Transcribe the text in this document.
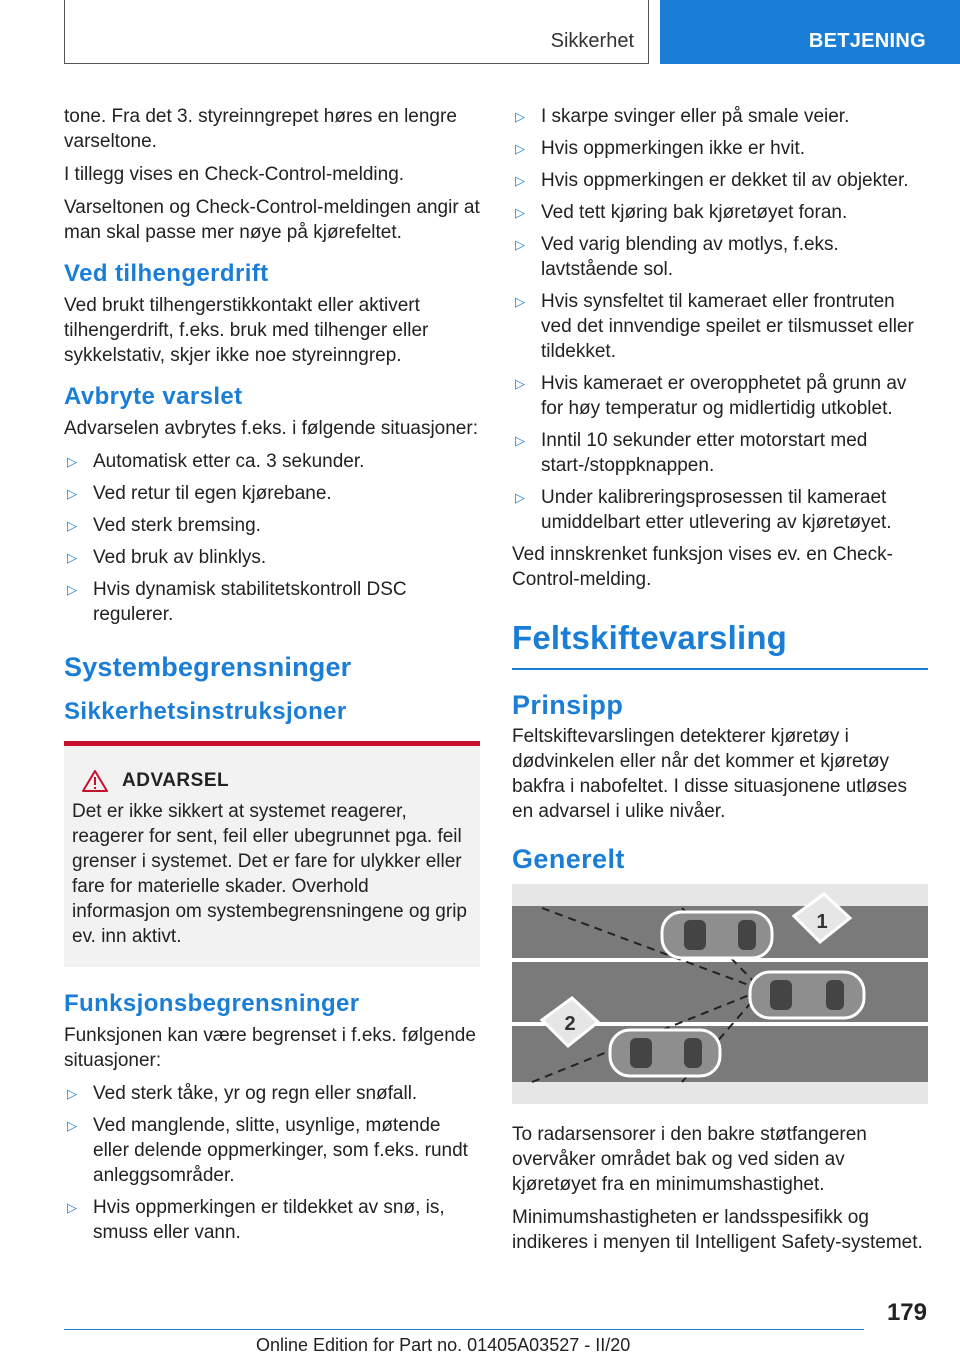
Sikkerhet	BETJENING

tone. Fra det 3. styreinngrepet høres en lengre varseltone.

I tillegg vises en Check-Control-melding.

Varseltonen og Check-Control-meldingen angir at man skal passe mer nøye på kjørefeltet.

Ved tilhengerdrift

Ved brukt tilhengerstikkontakt eller aktivert tilhengerdrift, f.eks. bruk med tilhenger eller sykkelstativ, skjer ikke noe styreinngrep.

Avbryte varslet

Advarselen avbrytes f.eks. i følgende situasjoner:

▷ Automatisk etter ca. 3 sekunder.
▷ Ved retur til egen kjørebane.
▷ Ved sterk bremsing.
▷ Ved bruk av blinklys.
▷ Hvis dynamisk stabilitetskontroll DSC regulerer.
Systembegrensninger
Sikkerhetsinstruksjoner
ADVARSEL
Det er ikke sikkert at systemet reagerer, reagerer for sent, feil eller ubegrunnet pga. feil grenser i systemet. Det er fare for ulykker eller fare for materielle skader. Overhold informasjon om systembegrensningene og grip ev. inn aktivt.
Funksjonsbegrensninger

Funksjonen kan være begrenset i f.eks. følgende situasjoner:

▷ Ved sterk tåke, yr og regn eller snøfall.
▷ Ved manglende, slitte, usynlige, møtende eller delende oppmerkinger, som f.eks. rundt anleggsområder.
▷ Hvis oppmerkingen er tildekket av snø, is, smuss eller vann.
▷ I skarpe svinger eller på smale veier.
▷ Hvis oppmerkingen ikke er hvit.
▷ Hvis oppmerkingen er dekket til av objekter.
▷ Ved tett kjøring bak kjøretøyet foran.
▷ Ved varig blending av motlys, f.eks. lavtstående sol.
▷ Hvis synsfeltet til kameraet eller frontruten ved det innvendige speilet er tilsmusset eller tildekket.
▷ Hvis kameraet er overopphetet på grunn av for høy temperatur og midlertidig utkoblet.
▷ Inntil 10 sekunder etter motorstart med start-/stoppknappen.
▷ Under kalibreringsprosessen til kameraet umiddelbart etter utlevering av kjøretøyet.

Ved innskrenket funksjon vises ev. en Check-Control-melding.

Feltskiftevarsling
Prinsipp

Feltskiftevarslingen detekterer kjøretøy i dødvinkelen eller når det kommer et kjøretøy bakfra i nabofeltet. I disse situasjonene utløses en advarsel i ulike nivåer.

Generelt
1
2

To radarsensorer i den bakre støtfangeren overvåker området bak og ved siden av kjøretøyet fra en minimumshastighet.

Minimumshastigheten er landsspesifikk og indikeres i menyen til Intelligent Safety-systemet.

179
Online Edition for Part no. 01405A03527 - II/20
